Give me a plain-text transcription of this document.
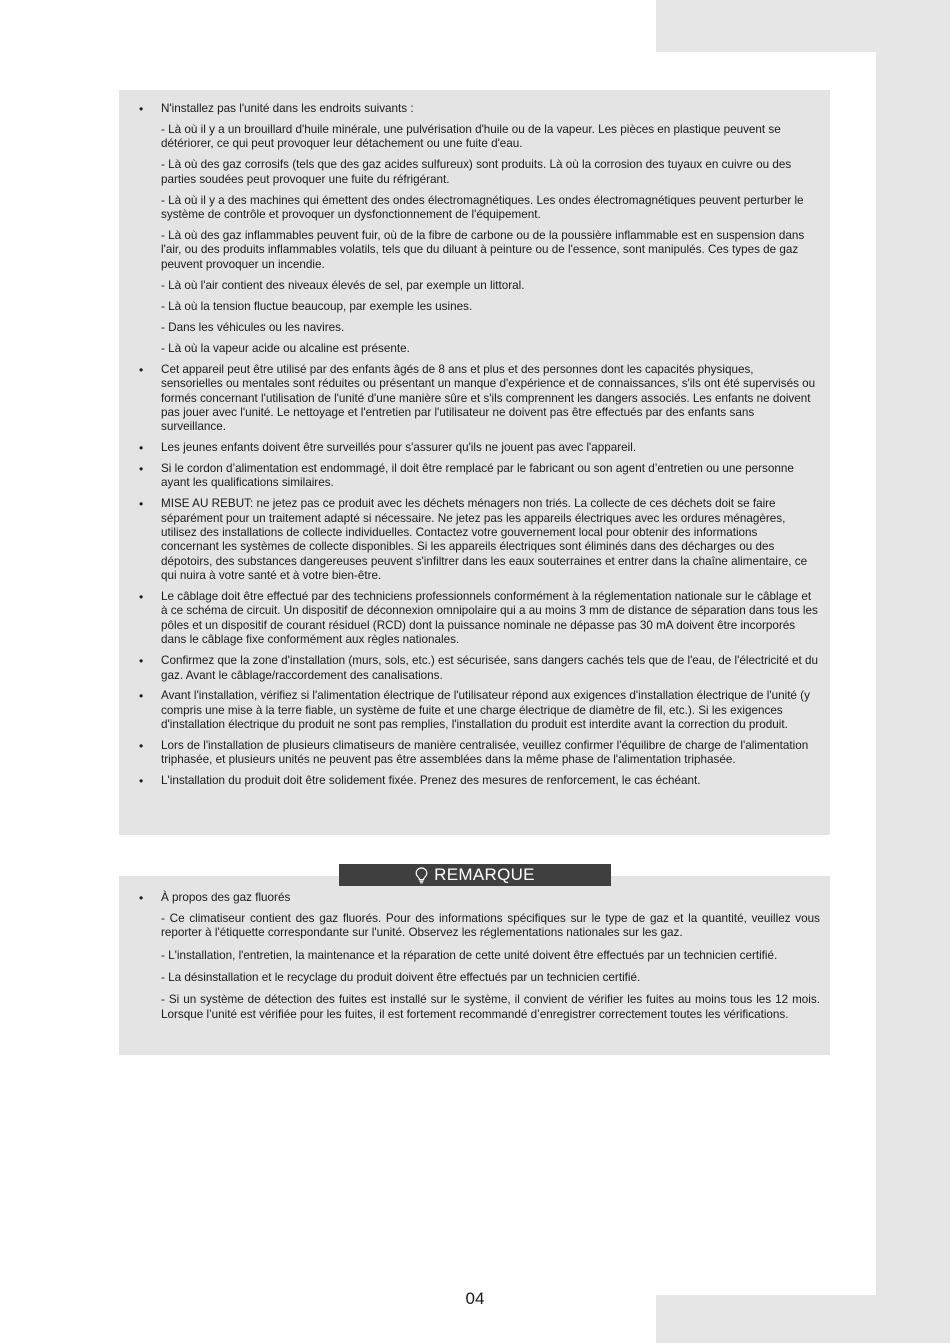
• N'installez pas l'unité dans les endroits suivants :
- Là où il y a un brouillard d'huile minérale, une pulvérisation d'huile ou de la vapeur. Les pièces en plastique peuvent se détériorer, ce qui peut provoquer leur détachement ou une fuite d'eau.
- Là où des gaz corrosifs (tels que des gaz acides sulfureux) sont produits. Là où la corrosion des tuyaux en cuivre ou des parties soudées peut provoquer une fuite du réfrigérant.
- Là où il y a des machines qui émettent des ondes électromagnétiques. Les ondes électromagnétiques peuvent perturber le système de contrôle et provoquer un dysfonctionnement de l'équipement.
- Là où des gaz inflammables peuvent fuir, où de la fibre de carbone ou de la poussière inflammable est en suspension dans l'air, ou des produits inflammables volatils, tels que du diluant à peinture ou de l'essence, sont manipulés. Ces types de gaz peuvent provoquer un incendie.
- Là où l'air contient des niveaux élevés de sel, par exemple un littoral.
- Là où la tension fluctue beaucoup, par exemple les usines.
- Dans les véhicules ou les navires.
- Là où la vapeur acide ou alcaline est présente.
• Cet appareil peut être utilisé par des enfants âgés de 8 ans et plus et des personnes dont les capacités physiques, sensorielles ou mentales sont réduites ou présentant un manque d'expérience et de connaissances, s'ils ont été supervisés ou formés concernant l'utilisation de l'unité d'une manière sûre et s'ils comprennent les dangers associés. Les enfants ne doivent pas jouer avec l'unité. Le nettoyage et l'entretien par l'utilisateur ne doivent pas être effectués par des enfants sans surveillance.
• Les jeunes enfants doivent être surveillés pour s'assurer qu'ils ne jouent pas avec l'appareil.
• Si le cordon d’alimentation est endommagé, il doit être remplacé par le fabricant ou son agent d’entretien ou une personne ayant les qualifications similaires.
• MISE AU REBUT: ne jetez pas ce produit avec les déchets ménagers non triés. La collecte de ces déchets doit se faire séparément pour un traitement adapté si nécessaire. Ne jetez pas les appareils électriques avec les ordures ménagères, utilisez des installations de collecte individuelles. Contactez votre gouvernement local pour obtenir des informations concernant les systèmes de collecte disponibles. Si les appareils électriques sont éliminés dans des décharges ou des dépotoirs, des substances dangereuses peuvent s'infiltrer dans les eaux souterraines et entrer dans la chaîne alimentaire, ce qui nuira à votre santé et à votre bien-être.
• Le câblage doit être effectué par des techniciens professionnels conformément à la réglementation nationale sur le câblage et à ce schéma de circuit. Un dispositif de déconnexion omnipolaire qui a au moins 3 mm de distance de séparation dans tous les pôles et un dispositif de courant résiduel (RCD) dont la puissance nominale ne dépasse pas 30 mA doivent être incorporés dans le câblage fixe conformément aux règles nationales.
• Confirmez que la zone d'installation (murs, sols, etc.) est sécurisée, sans dangers cachés tels que de l'eau, de l'électricité et du gaz. Avant le câblage/raccordement des canalisations.
• Avant l'installation, vérifiez si l'alimentation électrique de l'utilisateur répond aux exigences d'installation électrique de l'unité (y compris une mise à la terre fiable, un système de fuite et une charge électrique de diamètre de fil, etc.). Si les exigences d'installation électrique du produit ne sont pas remplies, l'installation du produit est interdite avant la correction du produit.
• Lors de l'installation de plusieurs climatiseurs de manière centralisée, veuillez confirmer l'équilibre de charge de l'alimentation triphasée, et plusieurs unités ne peuvent pas être assemblées dans la même phase de l'alimentation triphasée.
• L'installation du produit doit être solidement fixée. Prenez des mesures de renforcement, le cas échéant.
• À propos des gaz fluorés
- Ce climatiseur contient des gaz fluorés. Pour des informations spécifiques sur le type de gaz et la quantité, veuillez vous reporter à l'étiquette correspondante sur l'unité. Observez les réglementations nationales sur les gaz.
- L'installation, l'entretien, la maintenance et la réparation de cette unité doivent être effectués par un technicien certifié.
- La désinstallation et le recyclage du produit doivent être effectués par un technicien certifié.
- Si un système de détection des fuites est installé sur le système, il convient de vérifier les fuites au moins tous les 12 mois. Lorsque l’unité est vérifiée pour les fuites, il est fortement recommandé d’enregistrer correctement toutes les vérifications.
REMARQUE
04
